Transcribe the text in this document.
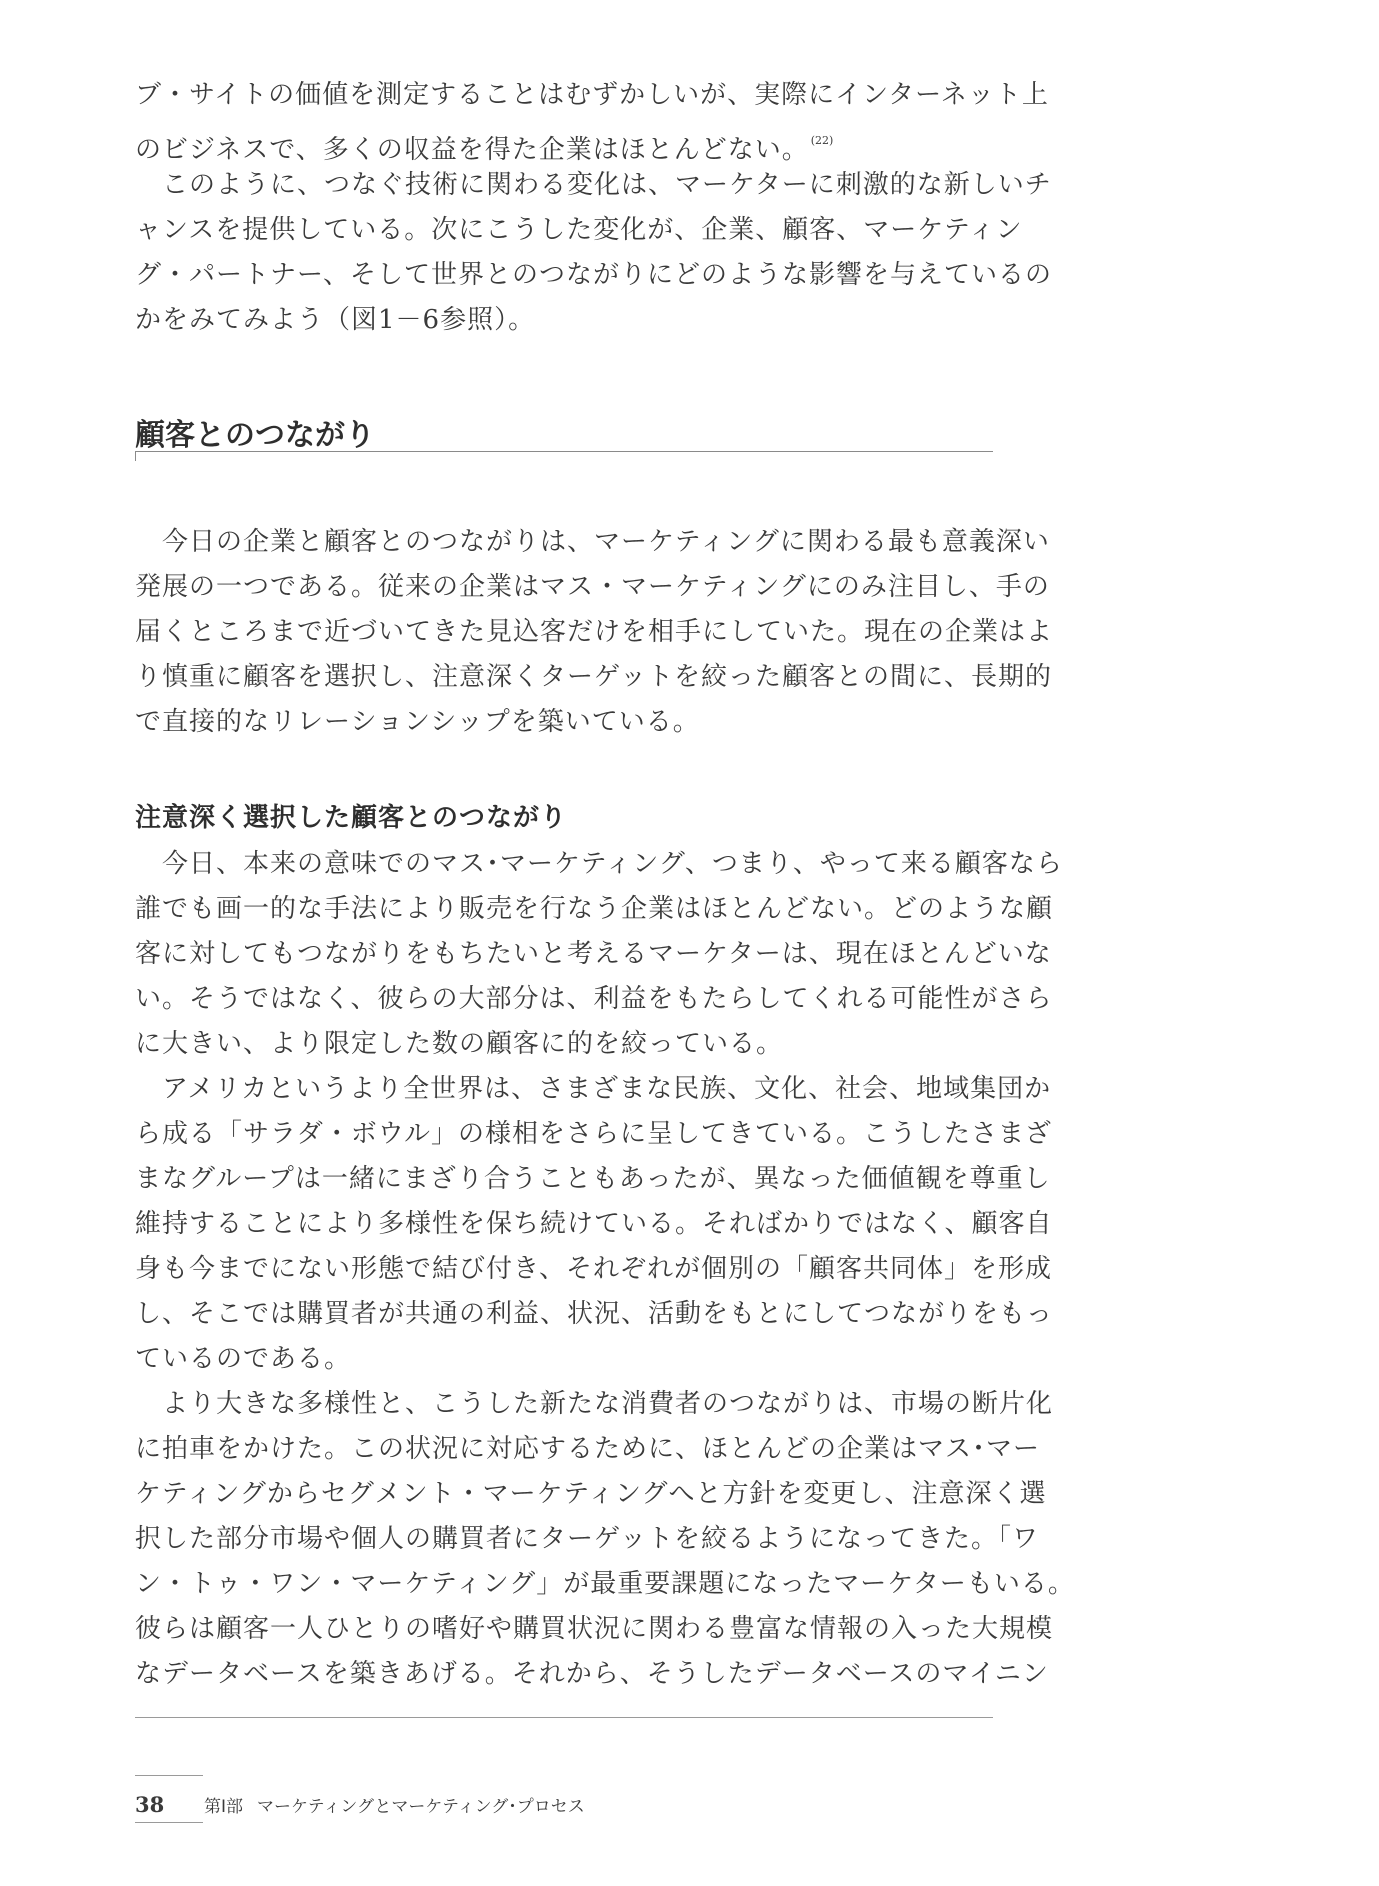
ブ・サイトの価値を測定することはむずかしいが、実際にインターネット上
のビジネスで、多くの収益を得た企業はほとんどない。 $^{(22)}$
　このように、つなぐ技術に関わる変化は、マーケターに刺激的な新しいチ
ャンスを提供している。次にこうした変化が、企業、顧客、マーケティン
グ・パートナー、そして世界とのつながりにどのような影響を与えているの
かをみてみよう（図1－6参照）。
顧客とのつながり
　今日の企業と顧客とのつながりは、マーケティングに関わる最も意義深い
発展の一つである。従来の企業はマス・マーケティングにのみ注目し、手の
届くところまで近づいてきた見込客だけを相手にしていた。現在の企業はよ
り慎重に顧客を選択し、注意深くターゲットを絞った顧客との間に、長期的
で直接的なリレーションシップを築いている。
注意深く選択した顧客とのつながり
　今日、本来の意味でのマス･マーケティング、つまり、やって来る顧客なら
誰でも画一的な手法により販売を行なう企業はほとんどない。どのような顧
客に対してもつながりをもちたいと考えるマーケターは、現在ほとんどいな
い。そうではなく、彼らの大部分は、利益をもたらしてくれる可能性がさら
に大きい、より限定した数の顧客に的を絞っている。
　アメリカというより全世界は、さまざまな民族、文化、社会、地域集団か
ら成る「サラダ・ボウル」の様相をさらに呈してきている。こうしたさまざ
まなグループは一緒にまざり合うこともあったが、異なった価値観を尊重し
維持することにより多様性を保ち続けている。そればかりではなく、顧客自
身も今までにない形態で結び付き、それぞれが個別の「顧客共同体」を形成
し、そこでは購買者が共通の利益、状況、活動をもとにしてつながりをもっ
ているのである。
　より大きな多様性と、こうした新たな消費者のつながりは、市場の断片化
に拍車をかけた。この状況に対応するために、ほとんどの企業はマス･マー
ケティングからセグメント・マーケティングへと方針を変更し、注意深く選
択した部分市場や個人の購買者にターゲットを絞るようになってきた。「ワ
ン・トゥ・ワン・マーケティング」が最重要課題になったマーケターもいる。
彼らは顧客一人ひとりの嗜好や購買状況に関わる豊富な情報の入った大規模
なデータベースを築きあげる。それから、そうしたデータベースのマイニン
38 第Ⅰ部 マーケティングとマーケティング･プロセス
